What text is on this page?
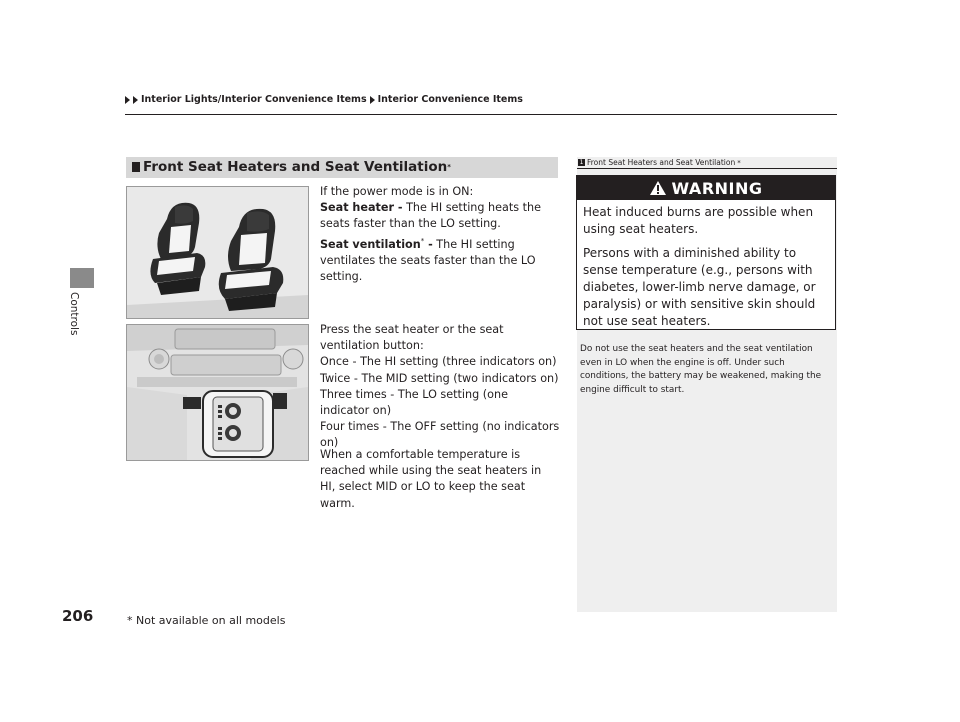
Controls
206
Interior Lights/Interior Convenience Items Interior Convenience Items
Front Seat Heaters and Seat Ventilation *
If the power mode is in ON:
Seat heater - The HI setting heats the seats faster than the LO setting.
Seat ventilation* - The HI setting ventilates the seats faster than the LO setting.
Press the seat heater or the seat ventilation button:
Once - The HI setting (three indicators on)
Twice - The MID setting (two indicators on)
Three times - The LO setting (one indicator on)
Four times - The OFF setting (no indicators on)
When a comfortable temperature is reached while using the seat heaters in HI, select MID or LO to keep the seat warm.
1 Front Seat Heaters and Seat Ventilation *
WARNING
Heat induced burns are possible when using seat heaters.
Persons with a diminished ability to sense temperature (e.g., persons with diabetes, lower-limb nerve damage, or paralysis) or with sensitive skin should not use seat heaters.
Do not use the seat heaters and the seat ventilation even in LO when the engine is off. Under such conditions, the battery may be weakened, making the engine difficult to start.
* Not available on all models
